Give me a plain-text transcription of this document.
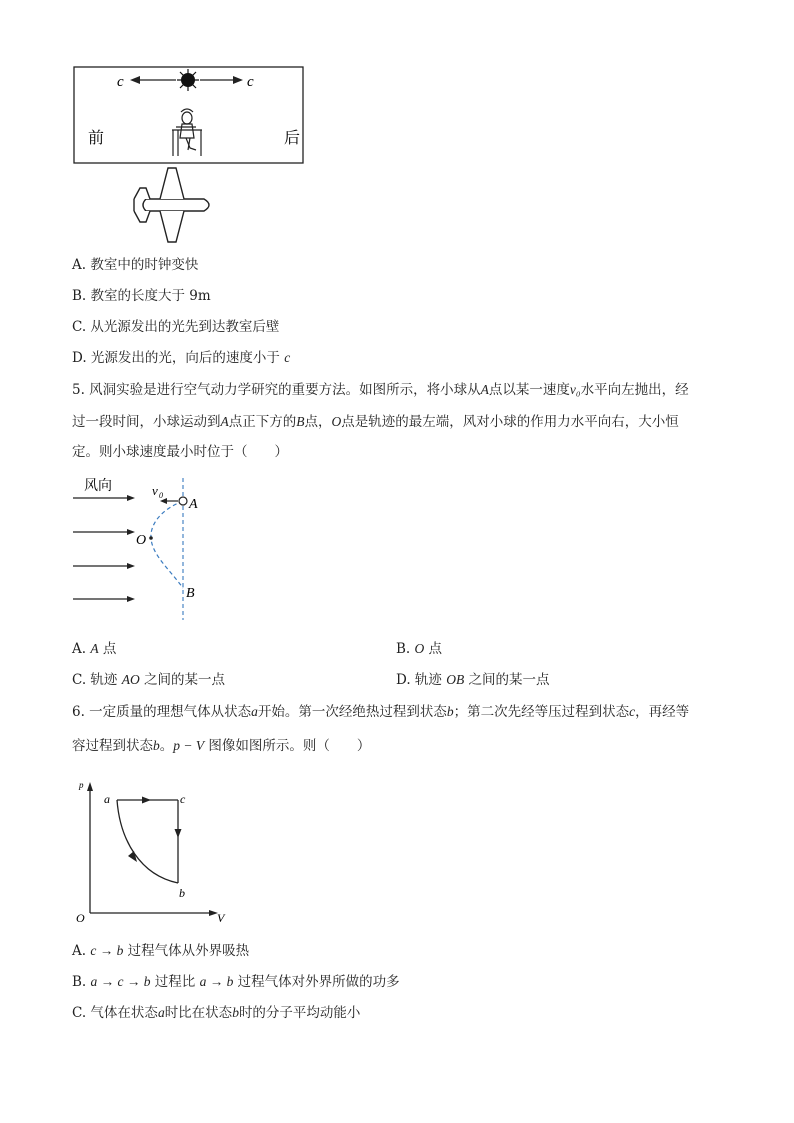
c	c
前	后
A. 教室中的时钟变快
B. 教室的长度大于 9m
C. 从光源发出的光先到达教室后壁
D. 光源发出的光，向后的速度小于 c
5. 风洞实验是进行空气动力学研究的重要方法。如图所示，将小球从A点以某一速度v₀水平向左抛出，经
过一段时间，小球运动到A点正下方的B点，O点是轨迹的最左端，风对小球的作用力水平向右，大小恒
定。则小球速度最小时位于（　　）
风向	v 0
A
O
B
A. A 点	B. O 点
C. 轨迹 AO 之间的某一点	D. 轨迹 OB 之间的某一点
6. 一定质量的理想气体从状态a开始。第一次经绝热过程到状态b；第二次先经等压过程到状态c，再经等
容过程到状态b。p − V 图像如图所示。则（　　）
p
V
O
a	c
b
A. c → b 过程气体从外界吸热
B. a → c → b 过程比 a → b 过程气体对外界所做的功多
C. 气体在状态a时比在状态b时的分子平均动能小
